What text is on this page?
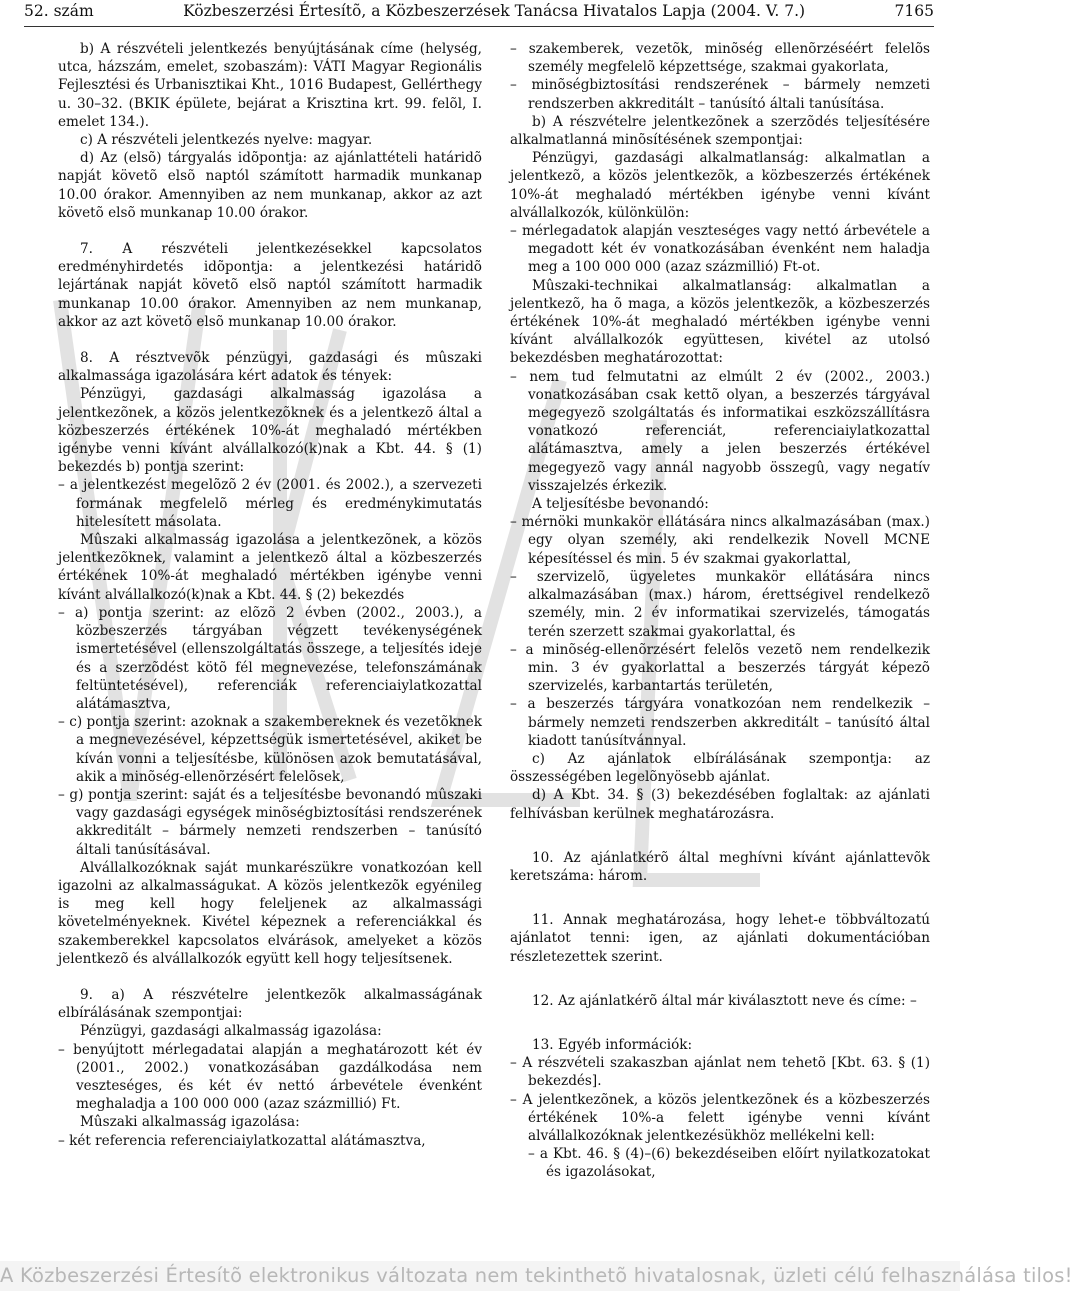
52. szám	Közbeszerzési Értesítõ, a Közbeszerzések Tanácsa Hivatalos Lapja (2004. V. 7.)	7165

b) A részvételi jelentkezés benyújtásának címe (helység, utca, házszám, emelet, szobaszám): VÁTI Magyar Regionális Fejlesztési és Urbanisztikai Kht., 1016 Budapest, Gellérthegy u. 30–32. (BKIK épülete, bejárat a Krisztina krt. 99. felõl, I. emelet 134.).

c) A részvételi jelentkezés nyelve: magyar.

d) Az (elsõ) tárgyalás idõpontja: az ajánlattételi határidõ napját követõ elsõ naptól számított harmadik munkanap 10.00 órakor. Amennyiben az nem munkanap, akkor az azt követõ elsõ munkanap 10.00 órakor.

7. A részvételi jelentkezésekkel kapcsolatos eredményhirdetés idõpontja: a jelentkezési határidõ lejártának napját követõ elsõ naptól számított harmadik munkanap 10.00 órakor. Amennyiben az nem munkanap, akkor az azt követõ elsõ munkanap 10.00 órakor.

8. A résztvevõk pénzügyi, gazdasági és mûszaki alkalmassága igazolására kért adatok és tények:

Pénzügyi, gazdasági alkalmasság igazolása a jelentkezõnek, a közös jelentkezõknek és a jelentkezõ által a közbeszerzés értékének 10%-át meghaladó mértékben igénybe venni kívánt alvállalkozó(k)nak a Kbt. 44. § (1) bekezdés b) pontja szerint:

– a jelentkezést megelõzõ 2 év (2001. és 2002.), a szervezeti formának megfelelõ mérleg és eredménykimutatás hitelesített másolata.

Mûszaki alkalmasság igazolása a jelentkezõnek, a közös jelentkezõknek, valamint a jelentkezõ által a közbeszerzés értékének 10%-át meghaladó mértékben igénybe venni kívánt alvállalkozó(k)nak a Kbt. 44. § (2) bekezdés

– a) pontja szerint: az elõzõ 2 évben (2002., 2003.), a közbeszerzés tárgyában végzett tevékenységének ismertetésével (ellenszolgáltatás összege, a teljesítés ideje és a szerzõdést kötõ fél megnevezése, telefonszámának feltüntetésével), referenciák referenciaiylatkozattal alátámasztva,

– c) pontja szerint: azoknak a szakembereknek és vezetõknek a megnevezésével, képzettségük ismertetésével, akiket be kíván vonni a teljesítésbe, különösen azok bemutatásával, akik a minõség-ellenõrzésért felelõsek,

– g) pontja szerint: saját és a teljesítésbe bevonandó mûszaki vagy gazdasági egységek minõségbiztosítási rendszerének akkreditált – bármely nemzeti rendszerben – tanúsító általi tanúsításával.

Alvállalkozóknak saját munkarészükre vonatkozóan kell igazolni az alkalmasságukat. A közös jelentkezõk egyénileg is meg kell hogy feleljenek az alkalmassági követelményeknek. Kivétel képeznek a referenciákkal és szakemberekkel kapcsolatos elvárások, amelyeket a közös jelentkezõ és alvállalkozók együtt kell hogy teljesítsenek.

9. a) A részvételre jelentkezõk alkalmasságának elbírálásának szempontjai:

Pénzügyi, gazdasági alkalmasság igazolása:

– benyújtott mérlegadatai alapján a meghatározott két év (2001., 2002.) vonatkozásában gazdálkodása nem veszteséges, és két év nettó árbevétele évenként meghaladja a 100 000 000 (azaz százmillió) Ft.

Mûszaki alkalmasság igazolása:

– két referencia referenciaiylatkozattal alátámasztva,

– szakemberek, vezetõk, minõség ellenõrzéséért felelõs személy megfelelõ képzettsége, szakmai gyakorlata,

– minõségbiztosítási rendszerének – bármely nemzeti rendszerben akkreditált – tanúsító általi tanúsítása.

b) A részvételre jelentkezõnek a szerzõdés teljesítésére alkalmatlanná minõsítésének szempontjai:

Pénzügyi, gazdasági alkalmatlanság: alkalmatlan a jelentkezõ, a közös jelentkezõk, a közbeszerzés értékének 10%-át meghaladó mértékben igénybe venni kívánt alvállalkozók, különkülön:

– mérlegadatok alapján veszteséges vagy nettó árbevétele a megadott két év vonatkozásában évenként nem haladja meg a 100 000 000 (azaz százmillió) Ft-ot.

Mûszaki-technikai alkalmatlanság: alkalmatlan a jelentkezõ, ha õ maga, a közös jelentkezõk, a közbeszerzés értékének 10%-át meghaladó mértékben igénybe venni kívánt alvállalkozók együttesen, kivétel az utolsó bekezdésben meghatározottat:

– nem tud felmutatni az elmúlt 2 év (2002., 2003.) vonatkozásában csak kettõ olyan, a beszerzés tárgyával megegyezõ szolgáltatás és informatikai eszközszállításra vonatkozó referenciát, referenciaiylatkozattal alátámasztva, amely a jelen beszerzés értékével megegyezõ vagy annál nagyobb összegû, vagy negatív visszajelzés érkezik.

A teljesítésbe bevonandó:

– mérnöki munkakör ellátására nincs alkalmazásában (max.) egy olyan személy, aki rendelkezik Novell MCNE képesítéssel és min. 5 év szakmai gyakorlattal,

– szervizelõ, ügyeletes munkakör ellátására nincs alkalmazásában (max.) három, érettségivel rendelkezõ személy, min. 2 év informatikai szervizelés, támogatás terén szerzett szakmai gyakorlattal, és

– a minõség-ellenõrzésért felelõs vezetõ nem rendelkezik min. 3 év gyakorlattal a beszerzés tárgyát képezõ szervizelés, karbantartás területén,

– a beszerzés tárgyára vonatkozóan nem rendelkezik – bármely nemzeti rendszerben akkreditált – tanúsító által kiadott tanúsítvánnyal.

c) Az ajánlatok elbírálásának szempontja: az összességében legelõnyösebb ajánlat.

d) A Kbt. 34. § (3) bekezdésében foglaltak: az ajánlati felhívásban kerülnek meghatározásra.

10. Az ajánlatkérõ által meghívni kívánt ajánlattevõk keretszáma: három.

11. Annak meghatározása, hogy lehet-e többváltozatú ajánlatot tenni: igen, az ajánlati dokumentációban részletezettek szerint.

12. Az ajánlatkérõ által már kiválasztott neve és címe: –

13. Egyéb információk:

– A részvételi szakaszban ajánlat nem tehetõ [Kbt. 63. § (1) bekezdés].

– A jelentkezõnek, a közös jelentkezõnek és a közbeszerzés értékének 10%-a felett igénybe venni kívánt alvállalkozóknak jelentkezésükhöz mellékelni kell:

– a Kbt. 46. § (4)–(6) bekezdéseiben elõírt nyilatkozatokat és igazolásokat,

A Közbeszerzési Értesítõ elektronikus változata nem tekinthetõ hivatalosnak, üzleti célú felhasználása tilos!
